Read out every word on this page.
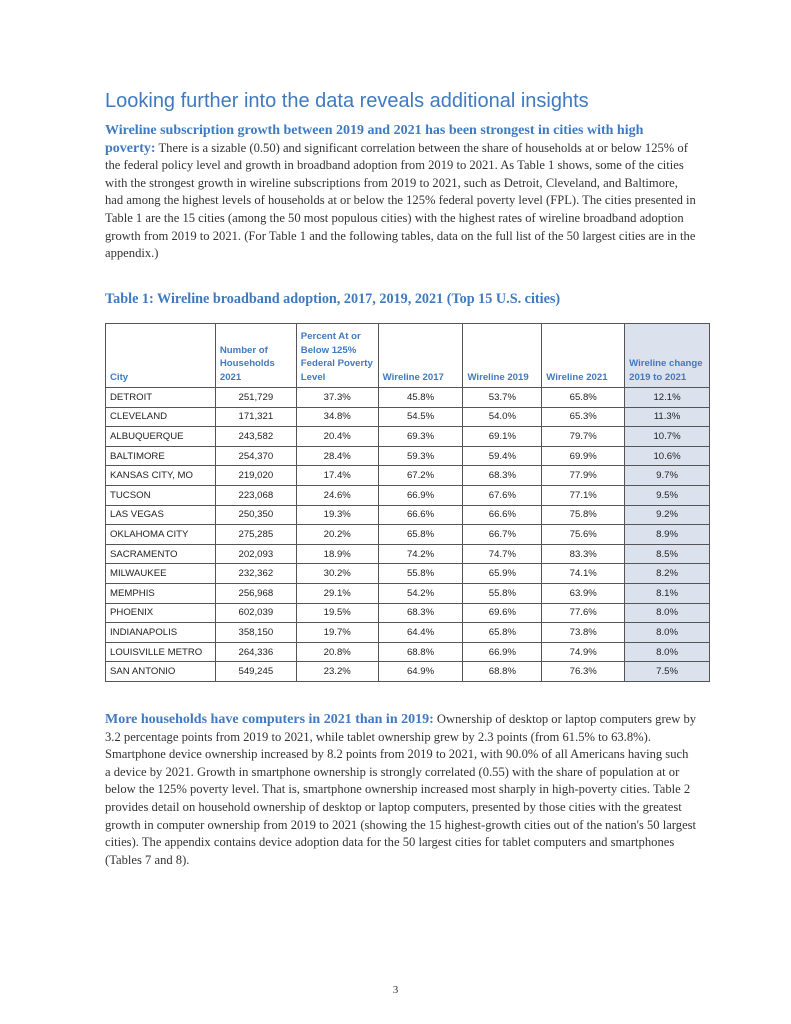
Looking further into the data reveals additional insights
Wireline subscription growth between 2019 and 2021 has been strongest in cities with high poverty: There is a sizable (0.50) and significant correlation between the share of households at or below 125% of the federal policy level and growth in broadband adoption from 2019 to 2021. As Table 1 shows, some of the cities with the strongest growth in wireline subscriptions from 2019 to 2021, such as Detroit, Cleveland, and Baltimore, had among the highest levels of households at or below the 125% federal poverty level (FPL). The cities presented in Table 1 are the 15 cities (among the 50 most populous cities) with the highest rates of wireline broadband adoption growth from 2019 to 2021. (For Table 1 and the following tables, data on the full list of the 50 largest cities are in the appendix.)
Table 1: Wireline broadband adoption, 2017, 2019, 2021 (Top 15 U.S. cities)
City	Number of Households 2021	Percent At or Below 125% Federal Poverty Level	Wireline 2017	Wireline 2019	Wireline 2021	Wireline change 2019 to 2021
DETROIT	251,729	37.3%	45.8%	53.7%	65.8%	12.1%
CLEVELAND	171,321	34.8%	54.5%	54.0%	65.3%	11.3%
ALBUQUERQUE	243,582	20.4%	69.3%	69.1%	79.7%	10.7%
BALTIMORE	254,370	28.4%	59.3%	59.4%	69.9%	10.6%
KANSAS CITY, MO	219,020	17.4%	67.2%	68.3%	77.9%	9.7%
TUCSON	223,068	24.6%	66.9%	67.6%	77.1%	9.5%
LAS VEGAS	250,350	19.3%	66.6%	66.6%	75.8%	9.2%
OKLAHOMA CITY	275,285	20.2%	65.8%	66.7%	75.6%	8.9%
SACRAMENTO	202,093	18.9%	74.2%	74.7%	83.3%	8.5%
MILWAUKEE	232,362	30.2%	55.8%	65.9%	74.1%	8.2%
MEMPHIS	256,968	29.1%	54.2%	55.8%	63.9%	8.1%
PHOENIX	602,039	19.5%	68.3%	69.6%	77.6%	8.0%
INDIANAPOLIS	358,150	19.7%	64.4%	65.8%	73.8%	8.0%
LOUISVILLE METRO	264,336	20.8%	68.8%	66.9%	74.9%	8.0%
SAN ANTONIO	549,245	23.2%	64.9%	68.8%	76.3%	7.5%
More households have computers in 2021 than in 2019: Ownership of desktop or laptop computers grew by 3.2 percentage points from 2019 to 2021, while tablet ownership grew by 2.3 points (from 61.5% to 63.8%). Smartphone device ownership increased by 8.2 points from 2019 to 2021, with 90.0% of all Americans having such a device by 2021. Growth in smartphone ownership is strongly correlated (0.55) with the share of population at or below the 125% poverty level. That is, smartphone ownership increased most sharply in high-poverty cities. Table 2 provides detail on household ownership of desktop or laptop computers, presented by those cities with the greatest growth in computer ownership from 2019 to 2021 (showing the 15 highest-growth cities out of the nation's 50 largest cities). The appendix contains device adoption data for the 50 largest cities for tablet computers and smartphones (Tables 7 and 8).
3
